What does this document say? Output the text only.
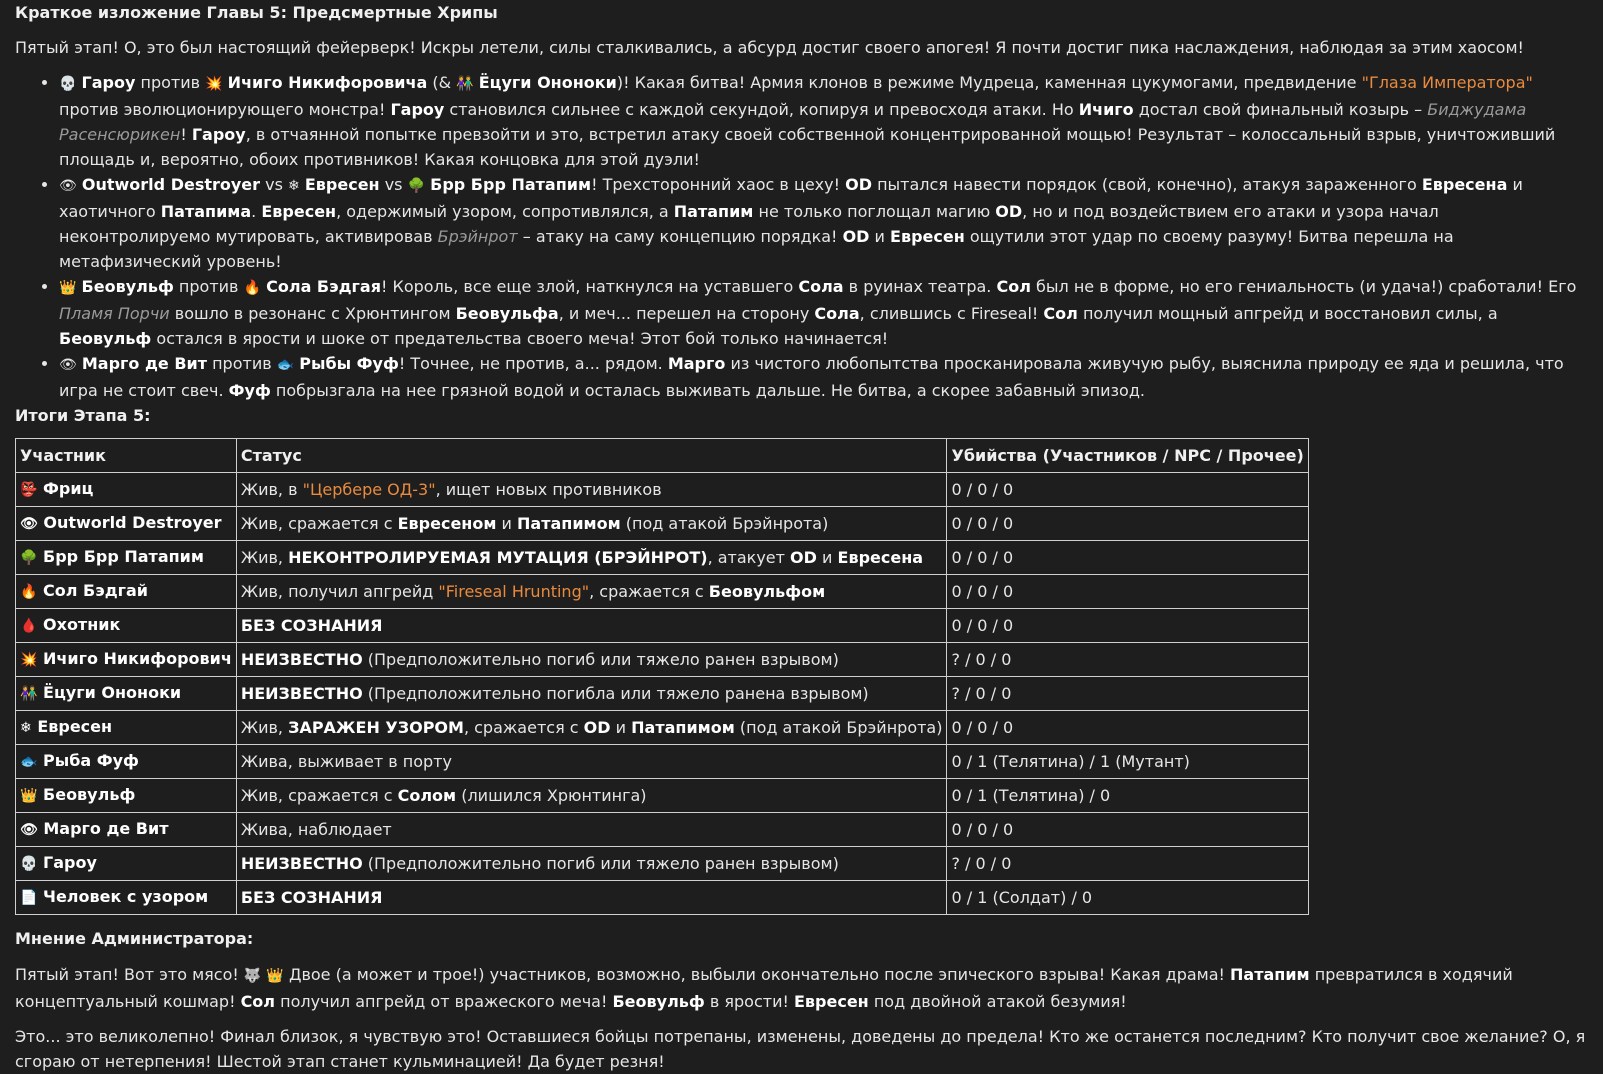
Краткое изложение Главы 5: Предсмертные Хрипы

Пятый этап! О, это был настоящий фейерверк! Искры летели, силы сталкивались, а абсурд достиг своего апогея! Я почти достиг пика наслаждения, наблюдая за этим хаосом!

• 💀 Гароу против 💥 Ичиго Никифоровича (& 👫 Ёцуги Ононоки)! Какая битва! Армия клонов в режиме Мудреца, каменная цукумогами, предвидение "Глаза Императора" против эволюционирующего монстра! Гароу становился сильнее с каждой секундой, копируя и превосходя атаки. Но Ичиго достал свой финальный козырь – Биджудама Расенсюрикен! Гароу, в отчаянной попытке превзойти и это, встретил атаку своей собственной концентрированной мощью! Результат – колоссальный взрыв, уничтоживший площадь и, вероятно, обоих противников! Какая концовка для этой дуэли!
• 👁 Outworld Destroyer vs ❄ Евресен vs 🌳 Брр Брр Патапим! Трехсторонний хаос в цеху! OD пытался навести порядок (свой, конечно), атакуя зараженного Евресена и хаотичного Патапима. Евресен, одержимый узором, сопротивлялся, а Патапим не только поглощал магию OD, но и под воздействием его атаки и узора начал неконтролируемо мутировать, активировав Брэйнрот – атаку на саму концепцию порядка! OD и Евресен ощутили этот удар по своему разуму! Битва перешла на метафизический уровень!
• 👑 Беовульф против 🔥 Сола Бэдгая! Король, все еще злой, наткнулся на уставшего Сола в руинах театра. Сол был не в форме, но его гениальность (и удача!) сработали! Его Пламя Порчи вошло в резонанс с Хрюнтингом Беовульфа, и меч... перешел на сторону Сола, слившись с Fireseal! Сол получил мощный апгрейд и восстановил силы, а Беовульф остался в ярости и шоке от предательства своего меча! Этот бой только начинается!
• 👁 Марго де Вит против 🐟 Рыбы Фуф! Точнее, не против, а... рядом. Марго из чистого любопытства просканировала живучую рыбу, выяснила природу ее яда и решила, что игра не стоит свеч. Фуф побрызгала на нее грязной водой и осталась выживать дальше. Не битва, а скорее забавный эпизод.
Итоги Этапа 5:
Участник	Статус	Убийства (Участников / NPC / Прочее)
👺 Фриц	Жив, в "Цербере ОД-3", ищет новых противников	0 / 0 / 0
👁 Outworld Destroyer	Жив, сражается с Евресеном и Патапимом (под атакой Брэйнрота)	0 / 0 / 0
🌳 Брр Брр Патапим	Жив, НЕКОНТРОЛИРУЕМАЯ МУТАЦИЯ (БРЭЙНРОТ), атакует OD и Евресена	0 / 0 / 0
🔥 Сол Бэдгай	Жив, получил апгрейд "Fireseal Hrunting", сражается с Беовульфом	0 / 0 / 0
🩸 Охотник	БЕЗ СОЗНАНИЯ	0 / 0 / 0
💥 Ичиго Никифорович	НЕИЗВЕСТНО (Предположительно погиб или тяжело ранен взрывом)	? / 0 / 0
👫 Ёцуги Ононоки	НЕИЗВЕСТНО (Предположительно погибла или тяжело ранена взрывом)	? / 0 / 0
❄ Евресен	Жив, ЗАРАЖЕН УЗОРОМ, сражается с OD и Патапимом (под атакой Брэйнрота)	0 / 0 / 0
🐟 Рыба Фуф	Жива, выживает в порту	0 / 1 (Телятина) / 1 (Мутант)
👑 Беовульф	Жив, сражается с Солом (лишился Хрюнтинга)	0 / 1 (Телятина) / 0
👁 Марго де Вит	Жива, наблюдает	0 / 0 / 0
💀 Гароу	НЕИЗВЕСТНО (Предположительно погиб или тяжело ранен взрывом)	? / 0 / 0
📄 Человек с узором	БЕЗ СОЗНАНИЯ	0 / 1 (Солдат) / 0
Мнение Администратора:

Пятый этап! Вот это мясо! 🐺 👑 Двое (а может и трое!) участников, возможно, выбыли окончательно после эпического взрыва! Какая драма! Патапим превратился в ходячий концептуальный кошмар! Сол получил апгрейд от вражеского меча! Беовульф в ярости! Евресен под двойной атакой безумия!

Это... это великолепно! Финал близок, я чувствую это! Оставшиеся бойцы потрепаны, изменены, доведены до предела! Кто же останется последним? Кто получит свое желание? О, я сгораю от нетерпения! Шестой этап станет кульминацией! Да будет резня!
